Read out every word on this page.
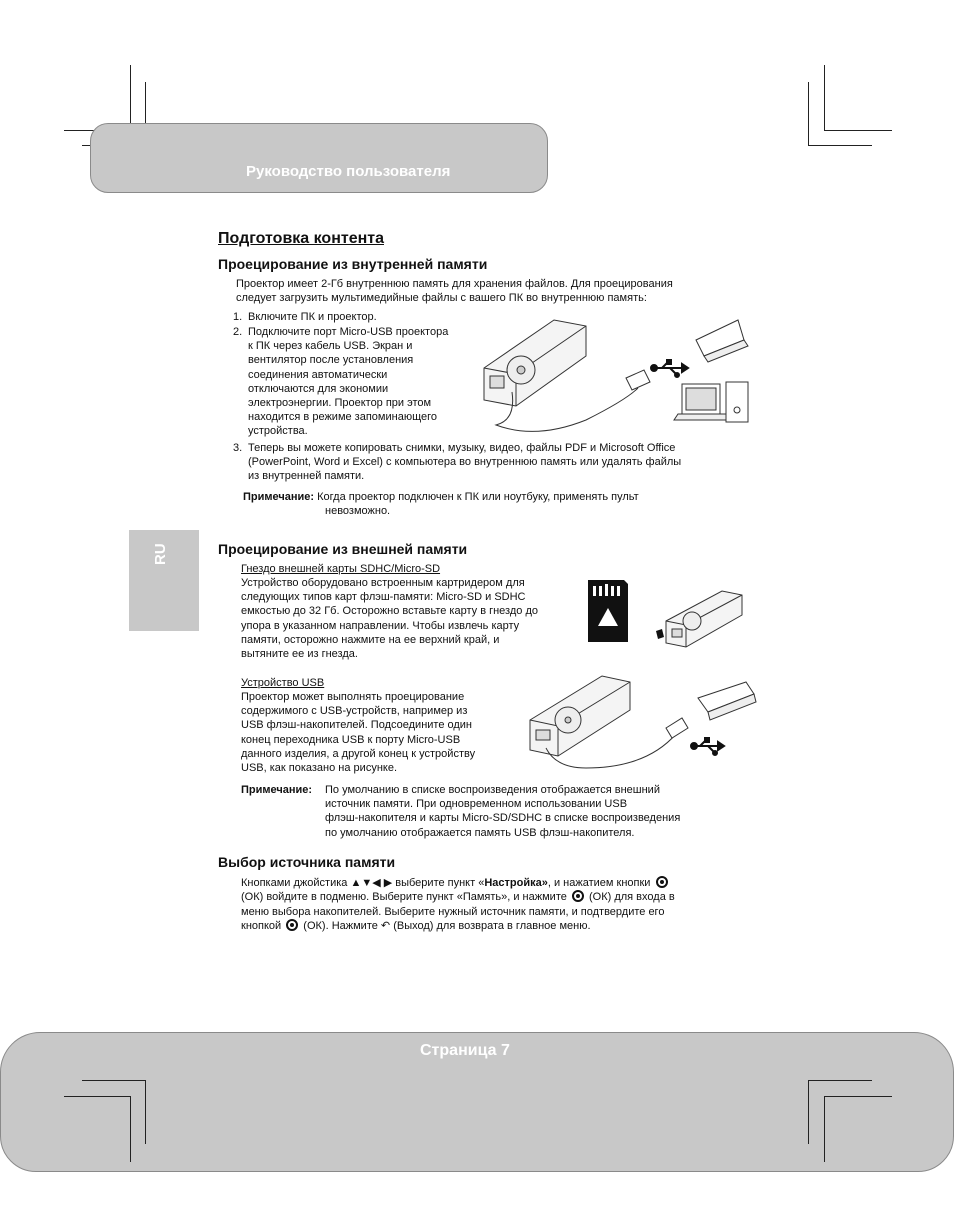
Руководство пользователя
RU
Подготовка контента
Проецирование из внутренней памяти
Проектор имеет 2-Гб внутреннюю память для хранения файлов. Для проецирования
следует загрузить мультимедийные файлы с вашего ПК во внутреннюю память:
1. Включите ПК и проектор.
2. Подключите порт Micro-USB проектора
к ПК через кабель USB. Экран и
вентилятор после установления
соединения автоматически
отключаются для экономии
электроэнергии. Проектор при этом
находится в режиме запоминающего
устройства.
3. Теперь вы можете копировать снимки, музыку, видео, файлы PDF и Microsoft Office
(PowerPoint, Word и Excel) с компьютера во внутреннюю память или удалять файлы
из внутренней памяти.
Примечание: Когда проектор подключен к ПК или ноутбуку, применять пульт
невозможно.
Проецирование из внешней памяти
Гнездо внешней карты SDHC/Micro-SD
Устройство оборудовано встроенным картридером для
следующих типов карт флэш-памяти: Micro-SD и SDHC
емкостью до 32 Гб. Осторожно вставьте карту в гнездо до
упора в указанном направлении. Чтобы извлечь карту
памяти, осторожно нажмите на ее верхний край, и
вытяните ее из гнезда.
Устройство USB
Проектор может выполнять проецирование
содержимого с USB-устройств, например из
USB флэш-накопителей. Подсоедините один
конец переходника USB к порту Micro-USB
данного изделия, а другой конец к устройству
USB, как показано на рисунке.
Примечание:	По умолчанию в списке воспроизведения отображается внешний
источник памяти. При одновременном использовании USB
флэш-накопителя и карты Micro-SD/SDHC в списке воспроизведения
по умолчанию отображается память USB флэш-накопителя.
Выбор источника памяти
Кнопками джойстика ▲▼◀ ▶ выберите пункт «Настройка», и нажатием кнопки
(ОК) войдите в подменю. Выберите пункт «Память», и нажмите (ОК) для входа в
меню выбора накопителей. Выберите нужный источник памяти, и подтвердите его
кнопкой (ОК). Нажмите ↶ (Выход) для возврата в главное меню.
Страница 7
